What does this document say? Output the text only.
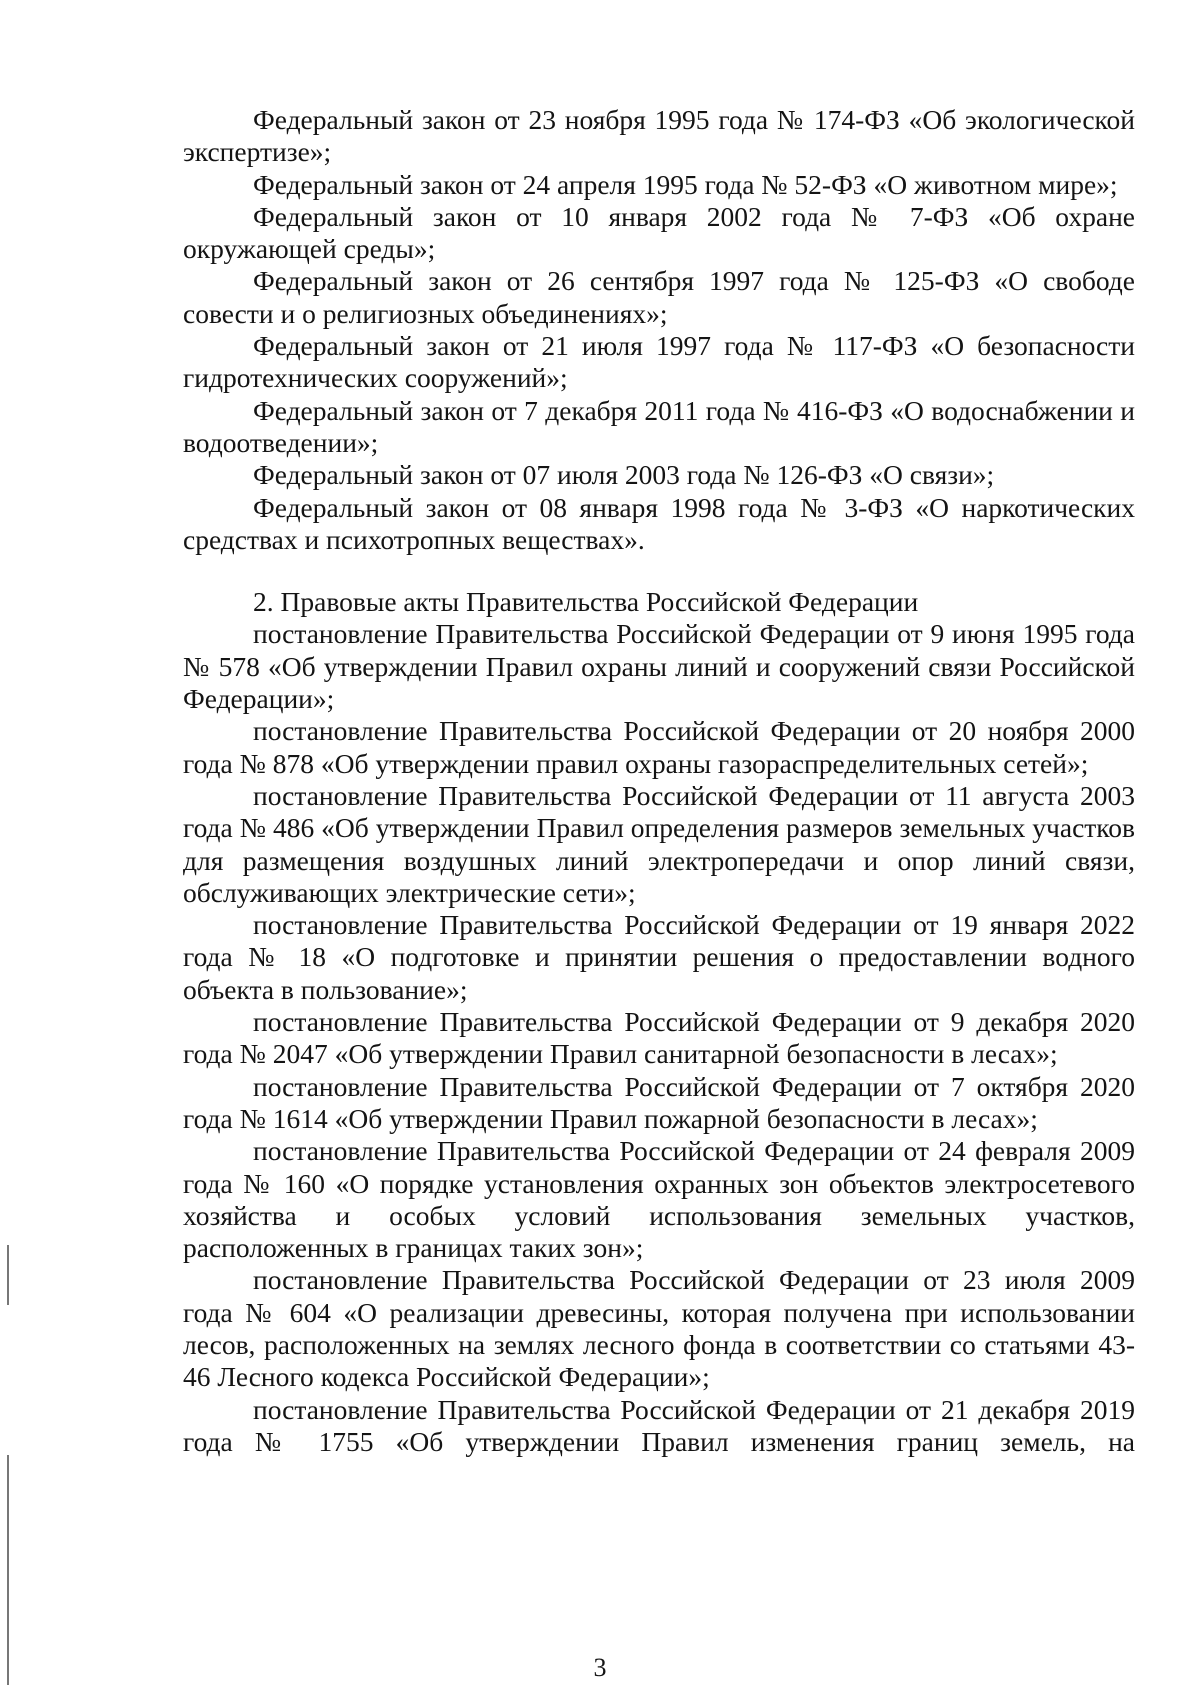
Федеральный закон от 23 ноября 1995 года № 174-ФЗ «Об экологической экспертизе»;

Федеральный закон от 24 апреля 1995 года № 52-ФЗ «О животном мире»;

Федеральный закон от 10 января 2002 года № 7-ФЗ «Об охране окружающей среды»;

Федеральный закон от 26 сентября 1997 года № 125-ФЗ «О свободе совести и о религиозных объединениях»;

Федеральный закон от 21 июля 1997 года № 117-ФЗ «О безопасности гидротехнических сооружений»;

Федеральный закон от 7 декабря 2011 года № 416-ФЗ «О водоснабжении и водоотведении»;

Федеральный закон от 07 июля 2003 года № 126-ФЗ «О связи»;

Федеральный закон от 08 января 1998 года № 3-ФЗ «О наркотических средствах и психотропных веществах».

2. Правовые акты Правительства Российской Федерации

постановление Правительства Российской Федерации от 9 июня 1995 года № 578 «Об утверждении Правил охраны линий и сооружений связи Российской Федерации»;

постановление Правительства Российской Федерации от 20 ноября 2000 года № 878 «Об утверждении правил охраны газораспределительных сетей»;

постановление Правительства Российской Федерации от 11 августа 2003 года № 486 «Об утверждении Правил определения размеров земельных участков для размещения воздушных линий электропередачи и опор линий связи, обслуживающих электрические сети»;

постановление Правительства Российской Федерации от 19 января 2022 года № 18 «О подготовке и принятии решения о предоставлении водного объекта в пользование»;

постановление Правительства Российской Федерации от 9 декабря 2020 года № 2047 «Об утверждении Правил санитарной безопасности в лесах»;

постановление Правительства Российской Федерации от 7 октября 2020 года № 1614 «Об утверждении Правил пожарной безопасности в лесах»;

постановление Правительства Российской Федерации от 24 февраля 2009 года № 160 «О порядке установления охранных зон объектов электросетевого хозяйства и особых условий использования земельных участков, расположенных в границах таких зон»;

постановление Правительства Российской Федерации от 23 июля 2009 года № 604 «О реализации древесины, которая получена при использовании лесов, расположенных на землях лесного фонда в соответствии со статьями 43-46 Лесного кодекса Российской Федерации»;

постановление Правительства Российской Федерации от 21 декабря 2019 года № 1755 «Об утверждении Правил изменения границ земель, на

3
